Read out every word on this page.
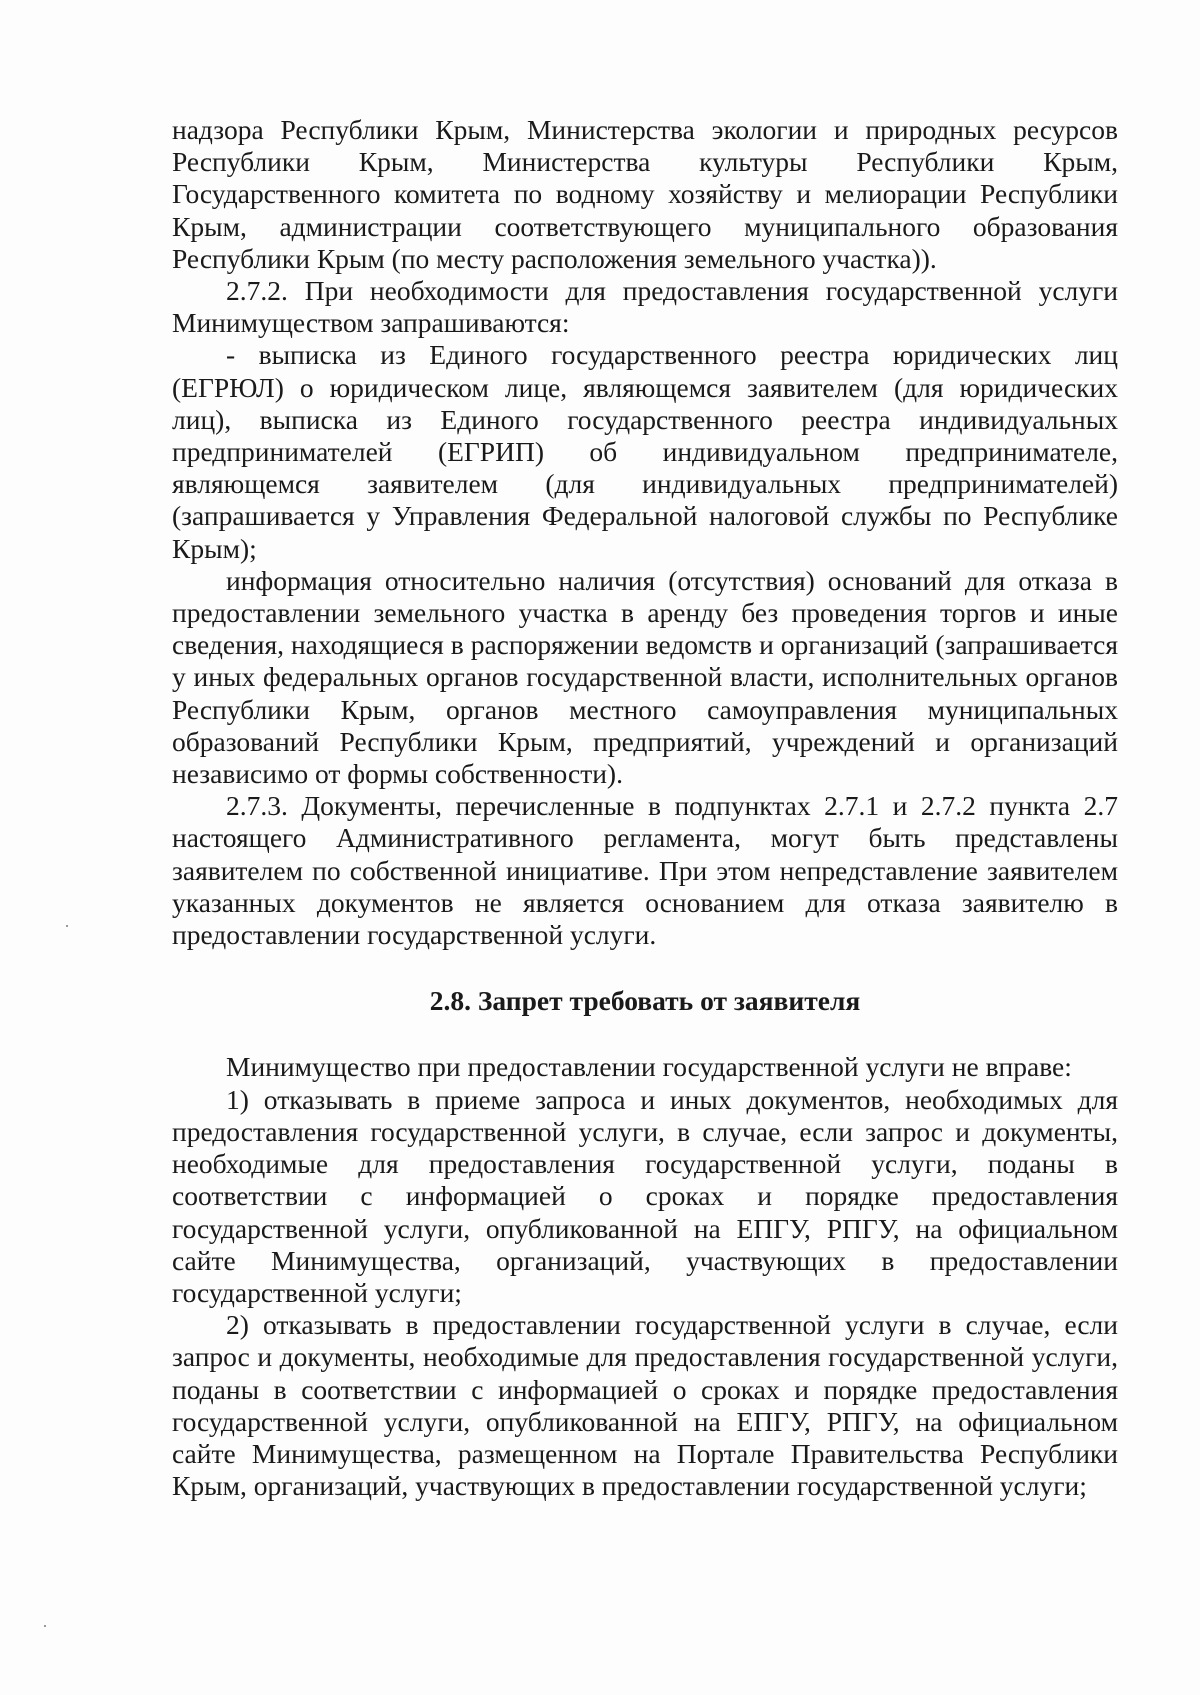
надзора Республики Крым, Министерства экологии и природных ресурсов Республики Крым, Министерства культуры Республики Крым, Государственного комитета по водному хозяйству и мелиорации Республики Крым, администрации соответствующего муниципального образования Республики Крым (по месту расположения земельного участка)).

2.7.2. При необходимости для предоставления государственной услуги Минимуществом запрашиваются:

- выписка из Единого государственного реестра юридических лиц (ЕГРЮЛ) о юридическом лице, являющемся заявителем (для юридических лиц), выписка из Единого государственного реестра индивидуальных предпринимателей (ЕГРИП) об индивидуальном предпринимателе, являющемся заявителем (для индивидуальных предпринимателей) (запрашивается у Управления Федеральной налоговой службы по Республике Крым);

информация относительно наличия (отсутствия) оснований для отказа в предоставлении земельного участка в аренду без проведения торгов и иные сведения, находящиеся в распоряжении ведомств и организаций (запрашивается у иных федеральных органов государственной власти, исполнительных органов Республики Крым, органов местного самоуправления муниципальных образований Республики Крым, предприятий, учреждений и организаций независимо от формы собственности).

2.7.3. Документы, перечисленные в подпунктах 2.7.1 и 2.7.2 пункта 2.7 настоящего Административного регламента, могут быть представлены заявителем по собственной инициативе. При этом непредставление заявителем указанных документов не является основанием для отказа заявителю в предоставлении государственной услуги.

2.8. Запрет требовать от заявителя

Минимущество при предоставлении государственной услуги не вправе:

1) отказывать в приеме запроса и иных документов, необходимых для предоставления государственной услуги, в случае, если запрос и документы, необходимые для предоставления государственной услуги, поданы в соответствии с информацией о сроках и порядке предоставления государственной услуги, опубликованной на ЕПГУ, РПГУ, на официальном сайте Минимущества, организаций, участвующих в предоставлении государственной услуги;

2) отказывать в предоставлении государственной услуги в случае, если запрос и документы, необходимые для предоставления государственной услуги, поданы в соответствии с информацией о сроках и порядке предоставления государственной услуги, опубликованной на ЕПГУ, РПГУ, на официальном сайте Минимущества, размещенном на Портале Правительства Республики Крым, организаций, участвующих в предоставлении государственной услуги;
